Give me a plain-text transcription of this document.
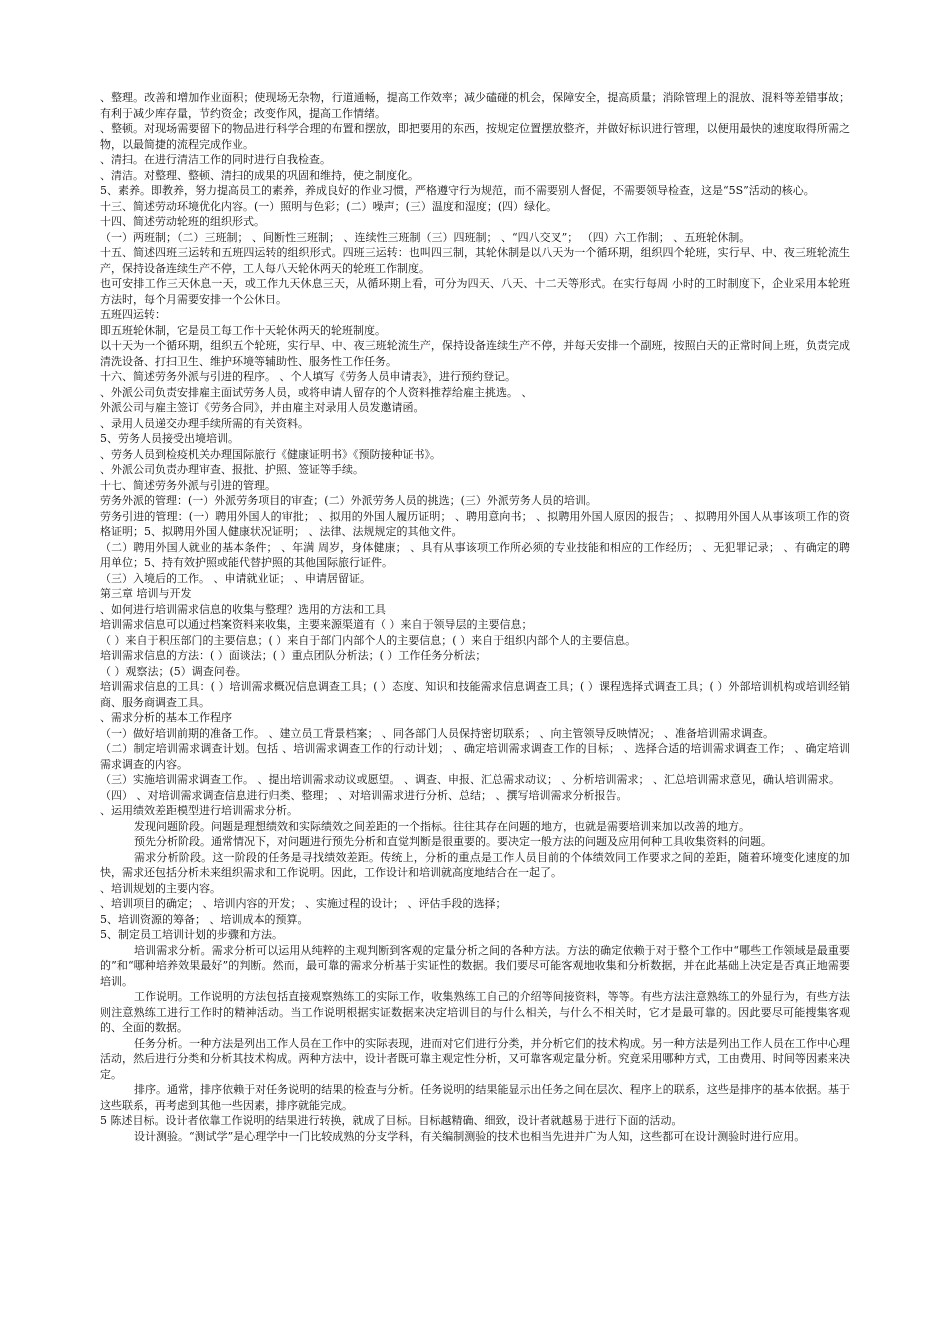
、整理。改善和增加作业面积；使现场无杂物，行道通畅，提高工作效率；减少磕碰的机会，保障安全，提高质量；消除管理上的混放、混料等差错事故；有利于减少库存量，节约资金；改变作风，提高工作情绪。

、整顿。对现场需要留下的物品进行科学合理的布置和摆放，即把要用的东西，按规定位置摆放整齐，并做好标识进行管理，以便用最快的速度取得所需之物，以最简捷的流程完成作业。

、清扫。在进行清洁工作的同时进行自我检查。

、清洁。对整理、整顿、清扫的成果的巩固和维持，使之制度化。

5、素养。即教养，努力提高员工的素养，养成良好的作业习惯，严格遵守行为规范，而不需要别人督促，不需要领导检查，这是“5S”活动的核心。

十三、简述劳动环境优化内容。(一）照明与色彩；(二）噪声；(三）温度和湿度；(四）绿化。

十四、简述劳动轮班的组织形式。

（一）两班制；（二）三班制； 、间断性三班制； 、连续性三班制（三）四班制； 、“四八交叉”； （四）六工作制； 、五班轮休制。

十五、简述四班三运转和五班四运转的组织形式。四班三运转：也叫四三制，其轮休制是以八天为一个循环期，组织四个轮班，实行早、中、夜三班轮流生产，保持设备连续生产不停，工人每八天轮休两天的轮班工作制度。

也可安排工作三天休息一天，或工作九天休息三天，从循环期上看，可分为四天、八天、十二天等形式。在实行每周 小时的工时制度下，企业采用本轮班方法时，每个月需要安排一个公休日。

五班四运转：

即五班轮休制，它是员工每工作十天轮休两天的轮班制度。

以十天为一个循环期，组织五个轮班，实行早、中、夜三班轮流生产，保持设备连续生产不停，并每天安排一个副班，按照白天的正常时间上班，负责完成清洗设备、打扫卫生、维护环境等辅助性、服务性工作任务。

十六、简述劳务外派与引进的程序。 、个人填写《劳务人员申请表》，进行预约登记。

、外派公司负责安排雇主面试劳务人员，或将申请人留存的个人资料推荐给雇主挑选。 、

外派公司与雇主签订《劳务合同》，并由雇主对录用人员发邀请函。

、录用人员递交办理手续所需的有关资料。

5、劳务人员接受出境培训。

、劳务人员到检疫机关办理国际旅行《健康证明书》《预防接种证书》。

、外派公司负责办理审查、报批、护照、签证等手续。

十七、简述劳务外派与引进的管理。

劳务外派的管理：(一）外派劳务项目的审查；(二）外派劳务人员的挑选；(三）外派劳务人员的培训。

劳务引进的管理：(一）聘用外国人的审批； 、拟用的外国人履历证明； 、聘用意向书； 、拟聘用外国人原因的报告； 、拟聘用外国人从事该项工作的资格证明；5、拟聘用外国人健康状况证明； 、法律、法规规定的其他文件。

（二）聘用外国人就业的基本条件； 、年满 周岁，身体健康； 、具有从事该项工作所必须的专业技能和相应的工作经历； 、无犯罪记录； 、有确定的聘用单位；5、持有效护照或能代替护照的其他国际旅行证件。

（三）入境后的工作。 、申请就业证； 、申请居留证。

第三章 培训与开发

、如何进行培训需求信息的收集与整理？选用的方法和工具

培训需求信息可以通过档案资料来收集，主要来源渠道有（ ）来自于领导层的主要信息；

（ ）来自于积压部门的主要信息；( ）来自于部门内部个人的主要信息；( ）来自于组织内部个人的主要信息。

培训需求信息的方法：( ）面谈法；( ）重点团队分析法；( ）工作任务分析法；

（ ）观察法；(5）调查问卷。

培训需求信息的工具：( ）培训需求概况信息调查工具；( ）态度、知识和技能需求信息调查工具；( ）课程选择式调查工具；( ）外部培训机构或培训经销商、服务商调查工具。

、需求分析的基本工作程序

（一）做好培训前期的准备工作。 、建立员工背景档案； 、同各部门人员保持密切联系； 、向主管领导反映情况； 、准备培训需求调查。

（二）制定培训需求调查计划。包括 、培训需求调查工作的行动计划； 、确定培训需求调查工作的目标； 、选择合适的培训需求调查工作； 、确定培训需求调查的内容。

（三）实施培训需求调查工作。 、提出培训需求动议或愿望。 、调查、申报、汇总需求动议； 、分析培训需求； 、汇总培训需求意见，确认培训需求。

（四） 、对培训需求调查信息进行归类、整理； 、对培训需求进行分析、总结； 、撰写培训需求分析报告。

、运用绩效差距模型进行培训需求分析。

发现问题阶段。问题是理想绩效和实际绩效之间差距的一个指标。往往其存在问题的地方，也就是需要培训来加以改善的地方。

预先分析阶段。通常情况下，对问题进行预先分析和直觉判断是很重要的。要决定一般方法的问题及应用何种工具收集资料的问题。

需求分析阶段。这一阶段的任务是寻找绩效差距。传统上，分析的重点是工作人员目前的个体绩效同工作要求之间的差距，随着环境变化速度的加快，需求还包括分析未来组织需求和工作说明。因此，工作设计和培训就高度地结合在一起了。

、培训规划的主要内容。

、培训项目的确定； 、培训内容的开发； 、实施过程的设计； 、评估手段的选择；

5、培训资源的筹备； 、培训成本的预算。

5、制定员工培训计划的步骤和方法。

培训需求分析。需求分析可以运用从纯粹的主观判断到客观的定量分析之间的各种方法。方法的确定依赖于对于整个工作中“哪些工作领域是最重要的”和“哪种培养效果最好”的判断。然而，最可靠的需求分析基于实证性的数据。我们要尽可能客观地收集和分析数据，并在此基础上决定是否真正地需要培训。

工作说明。工作说明的方法包括直接观察熟练工的实际工作，收集熟练工自己的介绍等间接资料，等等。有些方法注意熟练工的外显行为，有些方法则注意熟练工进行工作时的精神活动。当工作说明根据实证数据来决定培训目的与什么相关，与什么不相关时，它才是最可靠的。因此要尽可能搜集客观的、全面的数据。

任务分析。一种方法是列出工作人员在工作中的实际表现，进而对它们进行分类，并分析它们的技术构成。另一种方法是列出工作人员在工作中心理活动，然后进行分类和分析其技术构成。两种方法中，设计者既可靠主观定性分析，又可靠客观定量分析。究竟采用哪种方式，工由费用、时间等因素来决定。

排序。通常，排序依赖于对任务说明的结果的检查与分析。任务说明的结果能显示出任务之间在层次、程序上的联系，这些是排序的基本依据。基于这些联系，再考虑到其他一些因素，排序就能完成。

5 陈述目标。设计者依靠工作说明的结果进行转换，就成了目标。目标越精确、细致，设计者就越易于进行下面的活动。

设计测验。“测试学”是心理学中一门比较成熟的分支学科，有关编制测验的技术也相当先进并广为人知，这些都可在设计测验时进行应用。
